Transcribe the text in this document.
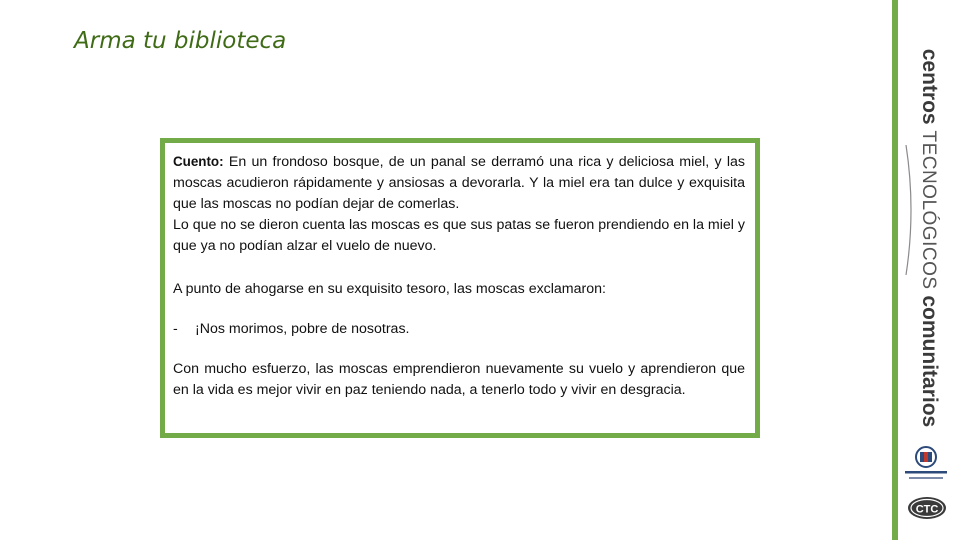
Arma tu biblioteca

Cuento: En un frondoso bosque, de un panal se derramó una rica y deliciosa miel, y las moscas acudieron rápidamente y ansiosas a devorarla. Y la miel era tan dulce y exquisita que las moscas no podían dejar de comerlas.

Lo que no se dieron cuenta las moscas es que sus patas se fueron prendiendo en la miel y que ya no podían alzar el vuelo de nuevo.

A punto de ahogarse en su exquisito tesoro, las moscas exclamaron:

-	¡Nos morimos, pobre de nosotras.

Con mucho esfuerzo, las moscas emprendieron nuevamente su vuelo y aprendieron que en la vida es mejor vivir en paz teniendo nada, a tenerlo todo y vivir en desgracia.

centros TECNOLÓGICOS comunitarios
CTC
